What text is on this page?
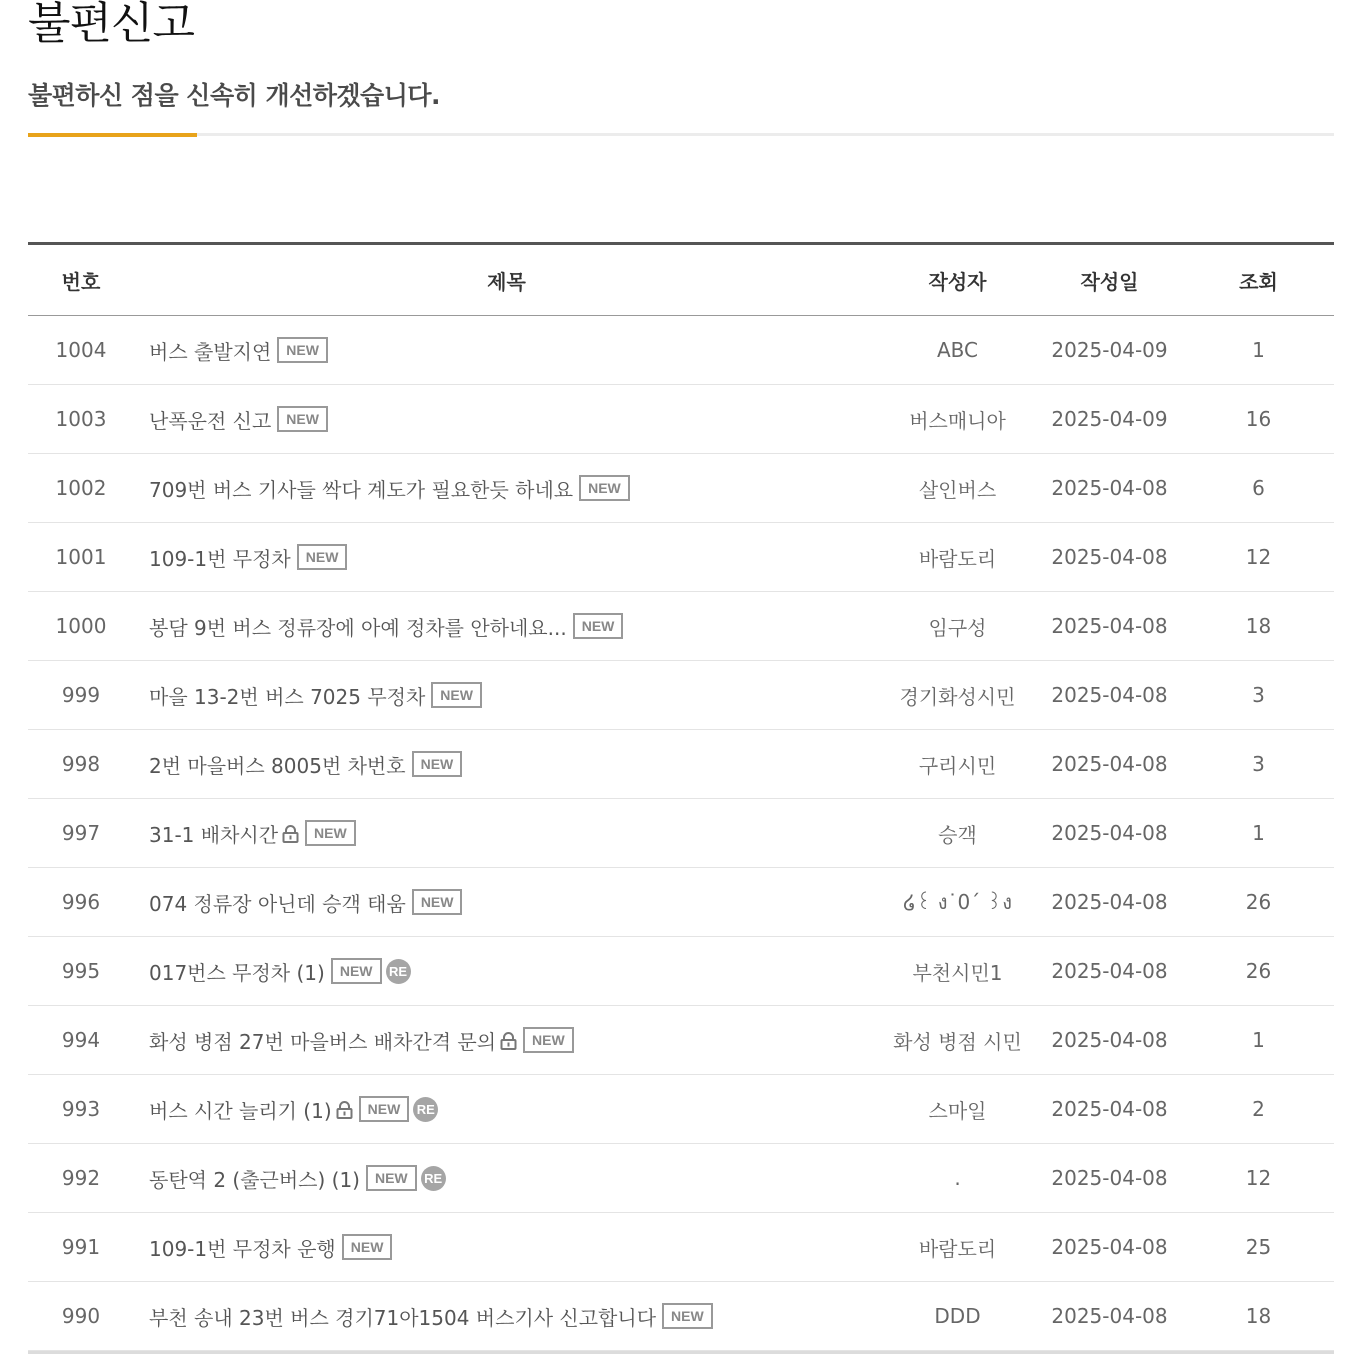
불편신고

불편하신 점을 신속히 개선하겠습니다.

번호	제목	작성자	작성일	조회
1004	버스 출발지연	NEW	ABC	2025-04-09	1
1003	난폭운전 신고	NEW	버스매니아	2025-04-09	16
1002	709번 버스 기사들 싹다 계도가 필요한듯 하네요	NEW	살인버스	2025-04-08	6
1001	109-1번 무정차	NEW	바람도리	2025-04-08	12
1000	봉담 9번 버스 정류장에 아예 정차를 안하네요...	NEW	임구성	2025-04-08	18
999	마을 13-2번 버스 7025 무정차	NEW	경기화성시민	2025-04-08	3
998	2번 마을버스 8005번 차번호	NEW	구리시민	2025-04-08	3
997	31-1 배차시간	NEW	승객	2025-04-08	1
996	074 정류장 아닌데 승객 태움	NEW	໒꒰ ง˙0ˊ ꒱ง	2025-04-08	26
995	017번스 무정차 (1)	NEW	RE	부천시민1	2025-04-08	26
994	화성 병점 27번 마을버스 배차간격 문의	NEW	화성 병점 시민	2025-04-08	1
993	버스 시간 늘리기 (1)	NEW	RE	스마일	2025-04-08	2
992	동탄역 2 (출근버스) (1)	NEW	RE	.	2025-04-08	12
991	109-1번 무정차 운행	NEW	바람도리	2025-04-08	25
990	부천 송내 23번 버스 경기71아1504 버스기사 신고합니다	NEW	DDD	2025-04-08	18
